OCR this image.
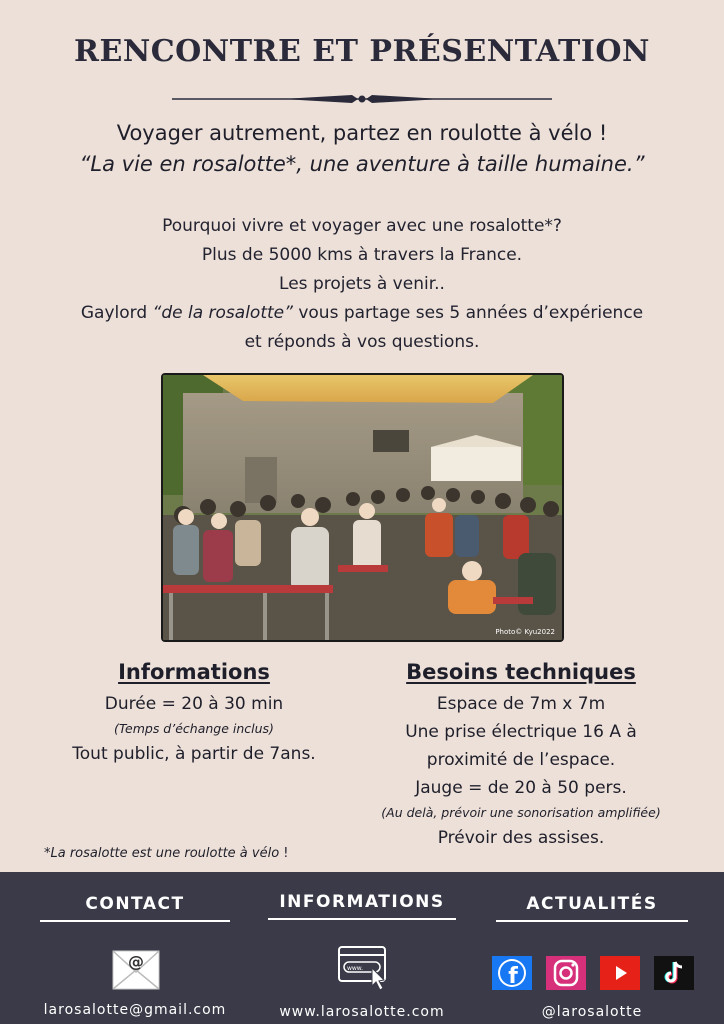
RENCONTRE ET PRÉSENTATION
Voyager autrement, partez en roulotte à vélo !
“La vie en rosalotte*, une aventure à taille humaine.”
Pourquoi vivre et voyager avec une rosalotte*?
Plus de 5000 kms à travers la France.
Les projets à venir..
Gaylord “de la rosalotte” vous partage ses 5 années d’expérience
et réponds à vos questions.
Photo© Kyu2022
Informations
Durée = 20 à 30 min
(Temps d’échange inclus)
Tout public, à partir de 7ans.
Besoins techniques
Espace de 7m x 7m
Une prise électrique 16 A à
proximité de l’espace.
Jauge = de 20 à 50 pers.
(Au delà, prévoir une sonorisation amplifiée)
Prévoir des assises.
*La rosalotte est une roulotte à vélo !
CONTACT
@
larosalotte@gmail.com
INFORMATIONS
www.
www.larosalotte.com
ACTUALITÉS
f
@larosalotte
